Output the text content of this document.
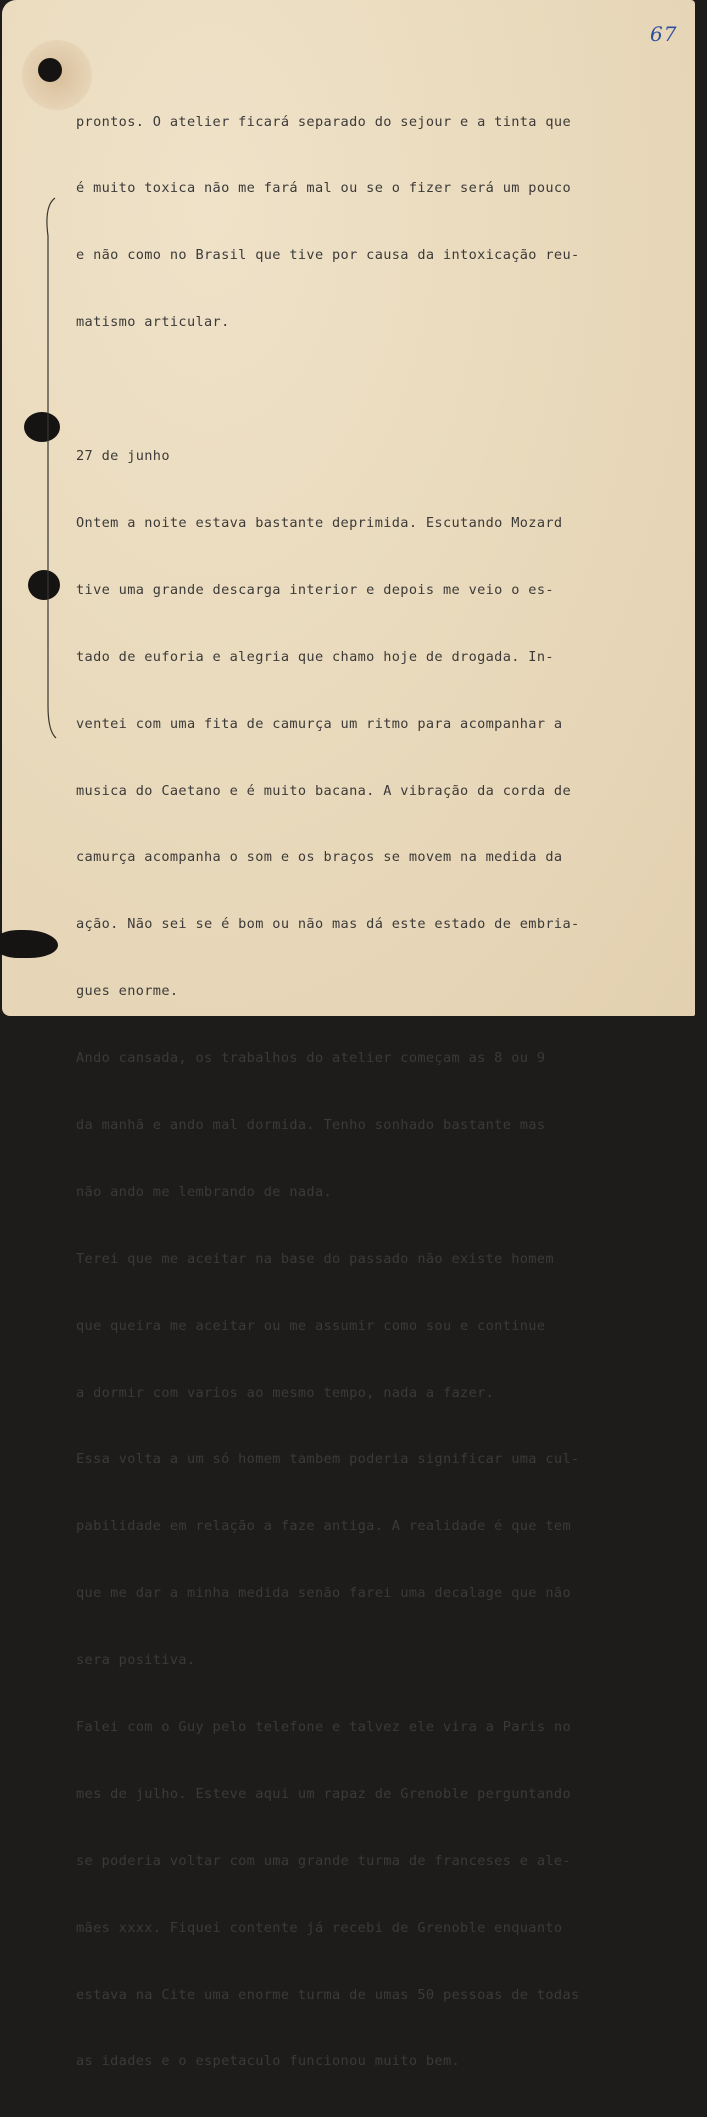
67

prontos. O atelier ficará separado do sejour e a tinta que

é muito toxica não me fará mal ou se o fizer será um pouco

e não como no Brasil que tive por causa da intoxicação reu-

matismo articular.

27 de junho

Ontem a noite estava bastante deprimida. Escutando Mozard

tive uma grande descarga interior e depois me veio o es-

tado de euforia e alegria que chamo hoje de drogada. In-

ventei com uma fita de camurça um ritmo para acompanhar a

musica do Caetano e é muito bacana. A vibração da corda de

camurça acompanha o som e os braços se movem na medida da

ação. Não sei se é bom ou não mas dá este estado de embria-

gues enorme.

Ando cansada, os trabalhos do atelier começam as 8 ou 9

da manhã e ando mal dormida. Tenho sonhado bastante mas

não ando me lembrando de nada.

Terei que me aceitar na base do passado não existe homem

que queira me aceitar ou me assumir como sou e continue

a dormir com varios ao mesmo tempo, nada a fazer.

Essa volta a um só homem tambem poderia significar uma cul-

pabilidade em relação a faze antiga. A realidade é que tem

que me dar a minha medida senão farei uma decalage que não

sera positiva.

Falei com o Guy pelo telefone e talvez ele vira a Paris no

mes de julho. Esteve aqui um rapaz de Grenoble perguntando

se poderia voltar com uma grande turma de franceses e ale-

mães xxxx. Fiquei contente já recebi de Grenoble enquanto

estava na Cite uma enorme turma de umas 50 pessoas de todas

as idades e o espetaculo funcionou muito bem.
